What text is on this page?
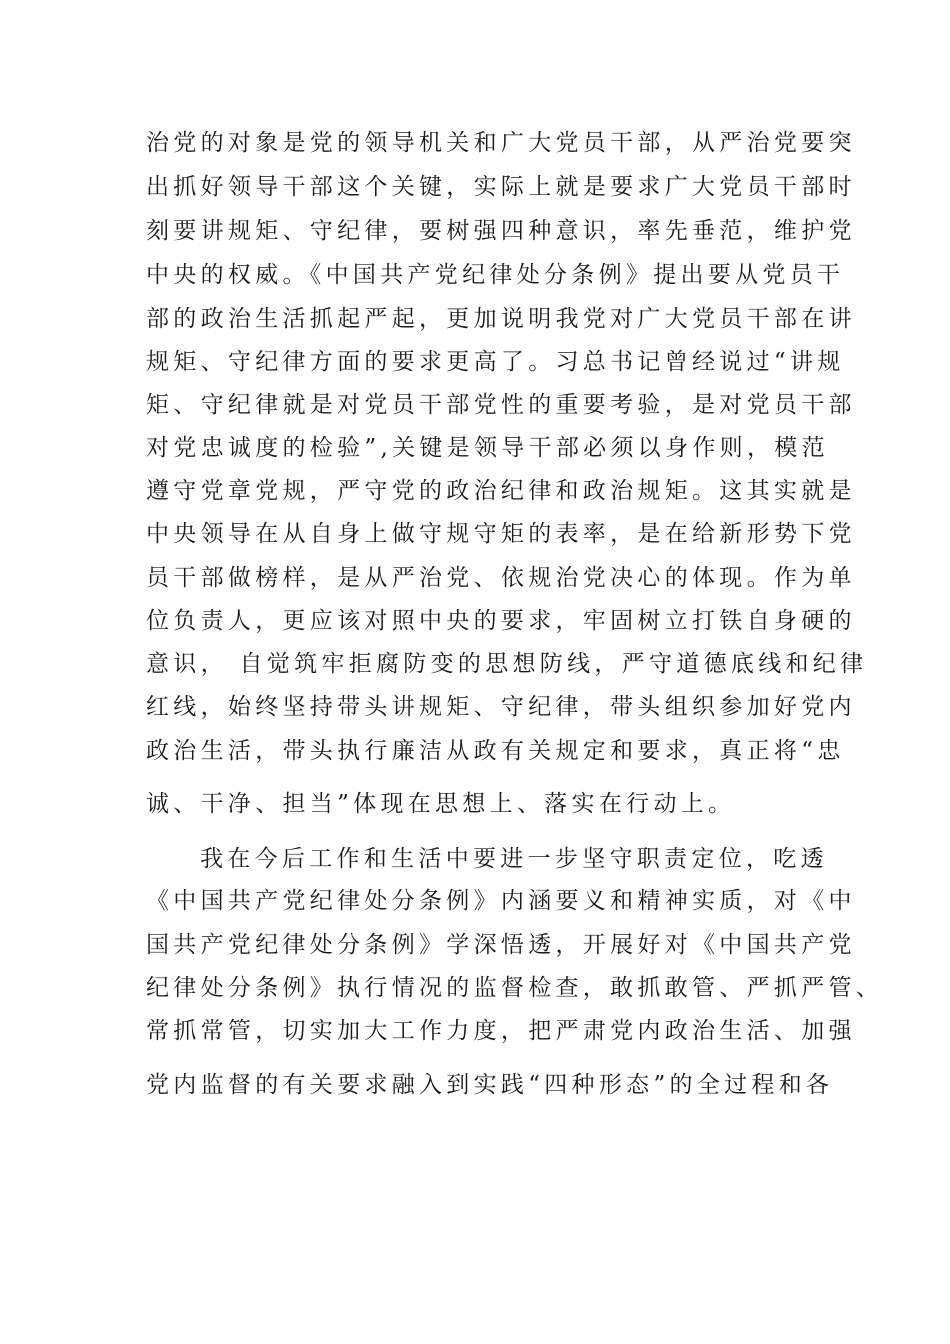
治党的对象是党的领导机关和广大党员干部，从严治党要突
出抓好领导干部这个关键，实际上就是要求广大党员干部时
刻要讲规矩、守纪律，要树强四种意识，率先垂范，维护党
中央的权威。《中国共产党纪律处分条例》提出要从党员干
部的政治生活抓起严起，更加说明我党对广大党员干部在讲
规矩、守纪律方面的要求更高了。习总书记曾经说过“讲规
矩、守纪律就是对党员干部党性的重要考验，是对党员干部
对党忠诚度的检验”,关键是领导干部必须以身作则，模范
遵守党章党规，严守党的政治纪律和政治规矩。这其实就是
中央领导在从自身上做守规守矩的表率，是在给新形势下党
员干部做榜样，是从严治党、依规治党决心的体现。作为单
位负责人，更应该对照中央的要求，牢固树立打铁自身硬的
意识， 自觉筑牢拒腐防变的思想防线，严守道德底线和纪律
红线，始终坚持带头讲规矩、守纪律，带头组织参加好党内
政治生活，带头执行廉洁从政有关规定和要求，真正将“忠
诚、干净、担当”体现在思想上、落实在行动上。
我在今后工作和生活中要进一步坚守职责定位，吃透
《中国共产党纪律处分条例》内涵要义和精神实质，对《中
国共产党纪律处分条例》学深悟透，开展好对《中国共产党
纪律处分条例》执行情况的监督检查，敢抓敢管、严抓严管、
常抓常管，切实加大工作力度，把严肃党内政治生活、加强
党内监督的有关要求融入到实践“四种形态”的全过程和各
